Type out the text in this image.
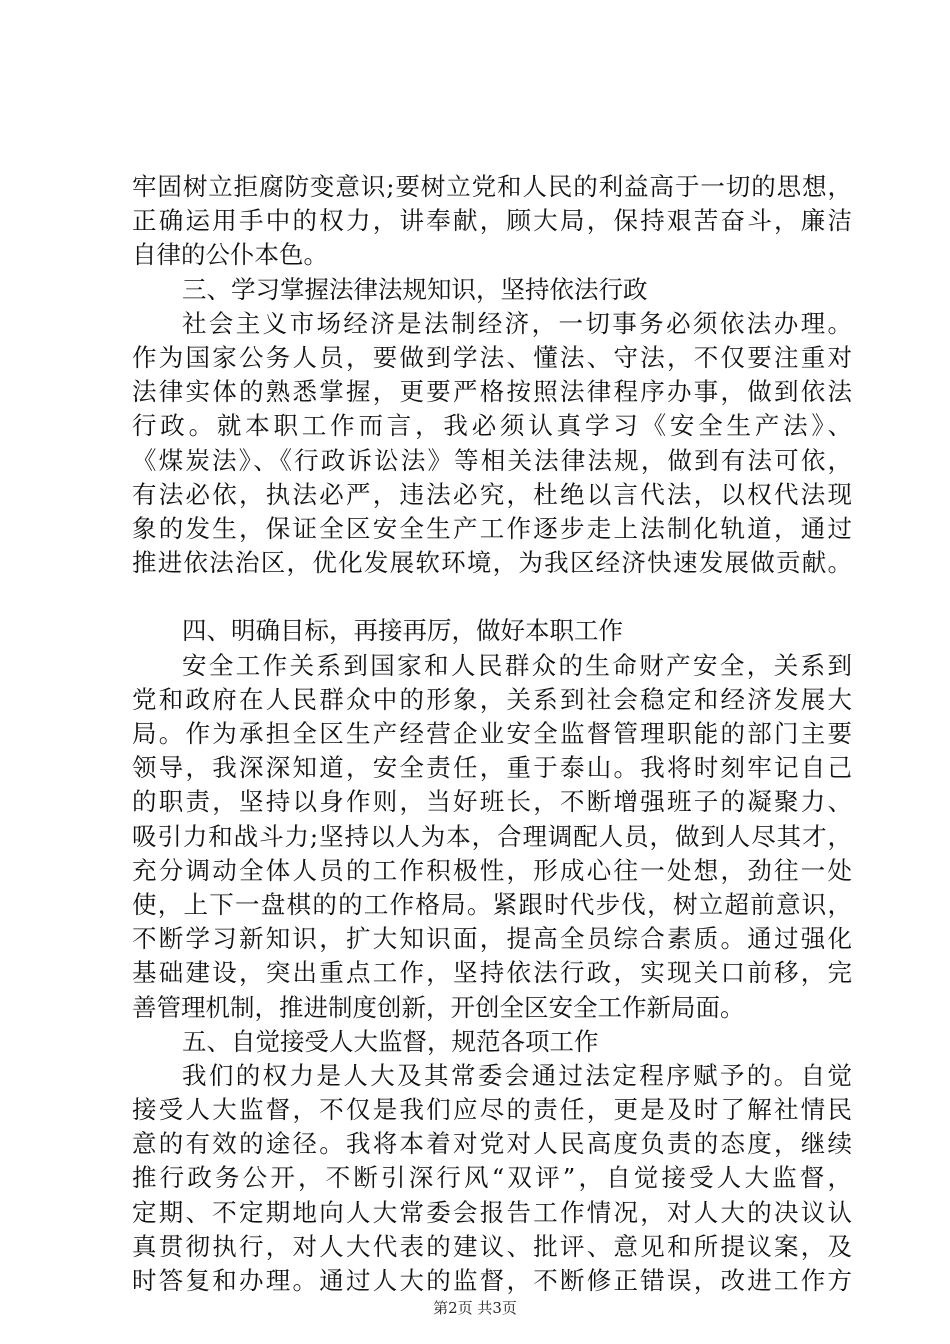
牢固树立拒腐防变意识;要树立党和人民的利益高于一切的思想，
正确运用手中的权力，讲奉献，顾大局，保持艰苦奋斗，廉洁
自律的公仆本色。
三、学习掌握法律法规知识，坚持依法行政
社会主义市场经济是法制经济，一切事务必须依法办理。
作为国家公务人员，要做到学法、懂法、守法，不仅要注重对
法律实体的熟悉掌握，更要严格按照法律程序办事，做到依法
行政。就本职工作而言，我必须认真学习《安全生产法》、
《煤炭法》、《行政诉讼法》等相关法律法规，做到有法可依，
有法必依，执法必严，违法必究，杜绝以言代法，以权代法现
象的发生，保证全区安全生产工作逐步走上法制化轨道，通过
推进依法治区，优化发展软环境，为我区经济快速发展做贡献。
四、明确目标，再接再厉，做好本职工作
安全工作关系到国家和人民群众的生命财产安全，关系到
党和政府在人民群众中的形象，关系到社会稳定和经济发展大
局。作为承担全区生产经营企业安全监督管理职能的部门主要
领导，我深深知道，安全责任，重于泰山。我将时刻牢记自己
的职责，坚持以身作则，当好班长，不断增强班子的凝聚力、
吸引力和战斗力;坚持以人为本，合理调配人员，做到人尽其才，
充分调动全体人员的工作积极性，形成心往一处想，劲往一处
使，上下一盘棋的的工作格局。紧跟时代步伐，树立超前意识，
不断学习新知识，扩大知识面，提高全员综合素质。通过强化
基础建设，突出重点工作，坚持依法行政，实现关口前移，完
善管理机制，推进制度创新，开创全区安全工作新局面。
五、自觉接受人大监督，规范各项工作
我们的权力是人大及其常委会通过法定程序赋予的。自觉
接受人大监督，不仅是我们应尽的责任，更是及时了解社情民
意的有效的途径。我将本着对党对人民高度负责的态度，继续
推行政务公开，不断引深行风“双评”，自觉接受人大监督，
定期、不定期地向人大常委会报告工作情况，对人大的决议认
真贯彻执行，对人大代表的建议、批评、意见和所提议案，及
时答复和办理。通过人大的监督，不断修正错误，改进工作方
第2页 共3页
